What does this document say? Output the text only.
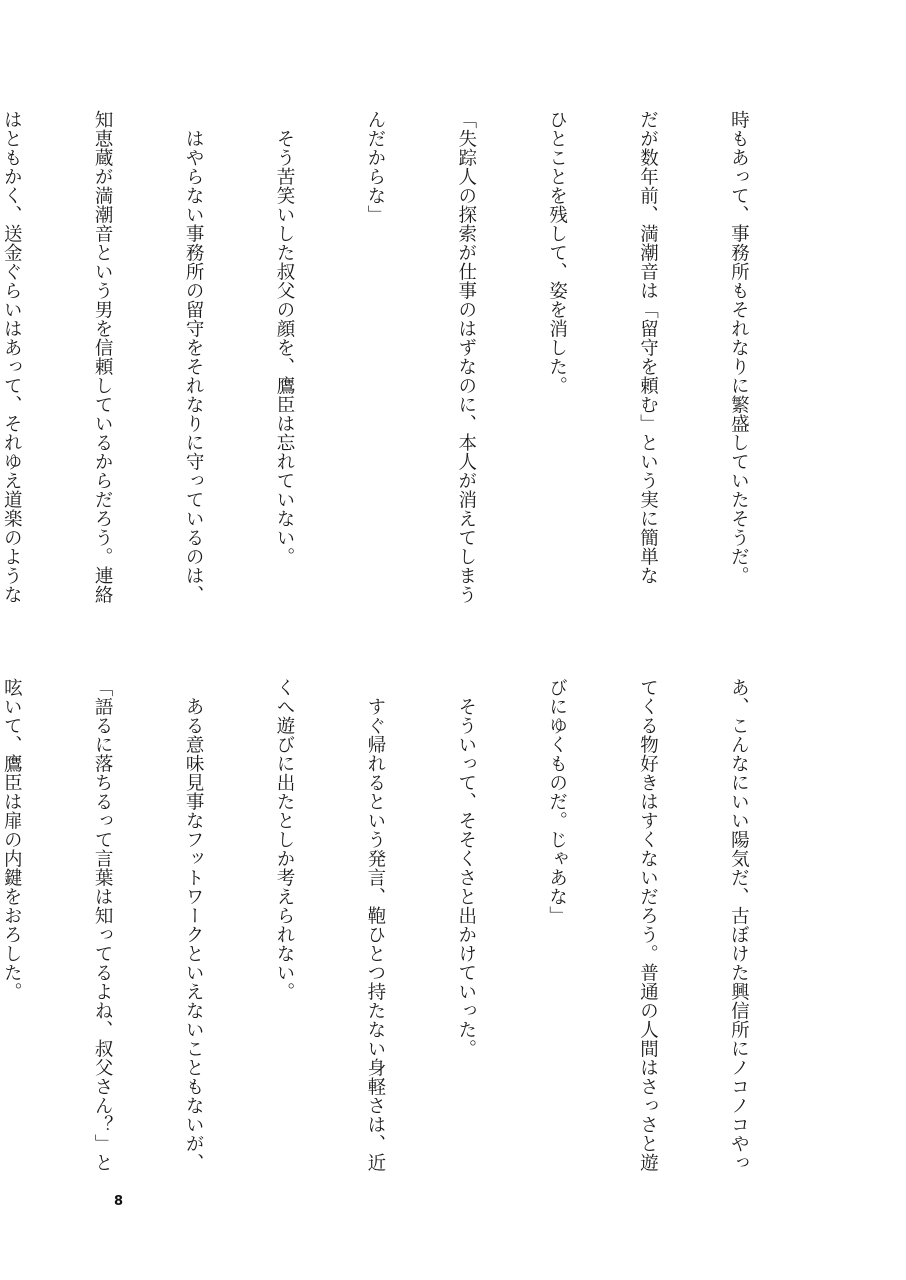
時もあって、事務所もそれなりに繁盛していたそうだ。

だが数年前、満潮音は「留守を頼む」という実に簡単な

ひとことを残して、姿を消した。

「失踪人の探索が仕事のはずなのに、本人が消えてしまう

んだからな」

　そう苦笑いした叔父の顔を、鷹臣は忘れていない。

　はやらない事務所の留守をそれなりに守っているのは、

知恵蔵が満潮音という男を信頼しているからだろう。連絡

はともかく、送金ぐらいはあって、それゆえ道楽のような

あ、こんなにいい陽気だ、古ぼけた興信所にノコノコやっ

てくる物好きはすくないだろう。普通の人間はさっさと遊

びにゆくものだ。じゃあな」

　そういって、そそくさと出かけていった。

　すぐ帰れるという発言、鞄ひとつ持たない身軽さは、近

くへ遊びに出たとしか考えられない。

　ある意味見事なフットワークといえないこともないが、

「語るに落ちるって言葉は知ってるよね、叔父さん？」と

呟いて、鷹臣は扉の内鍵をおろした。

8
